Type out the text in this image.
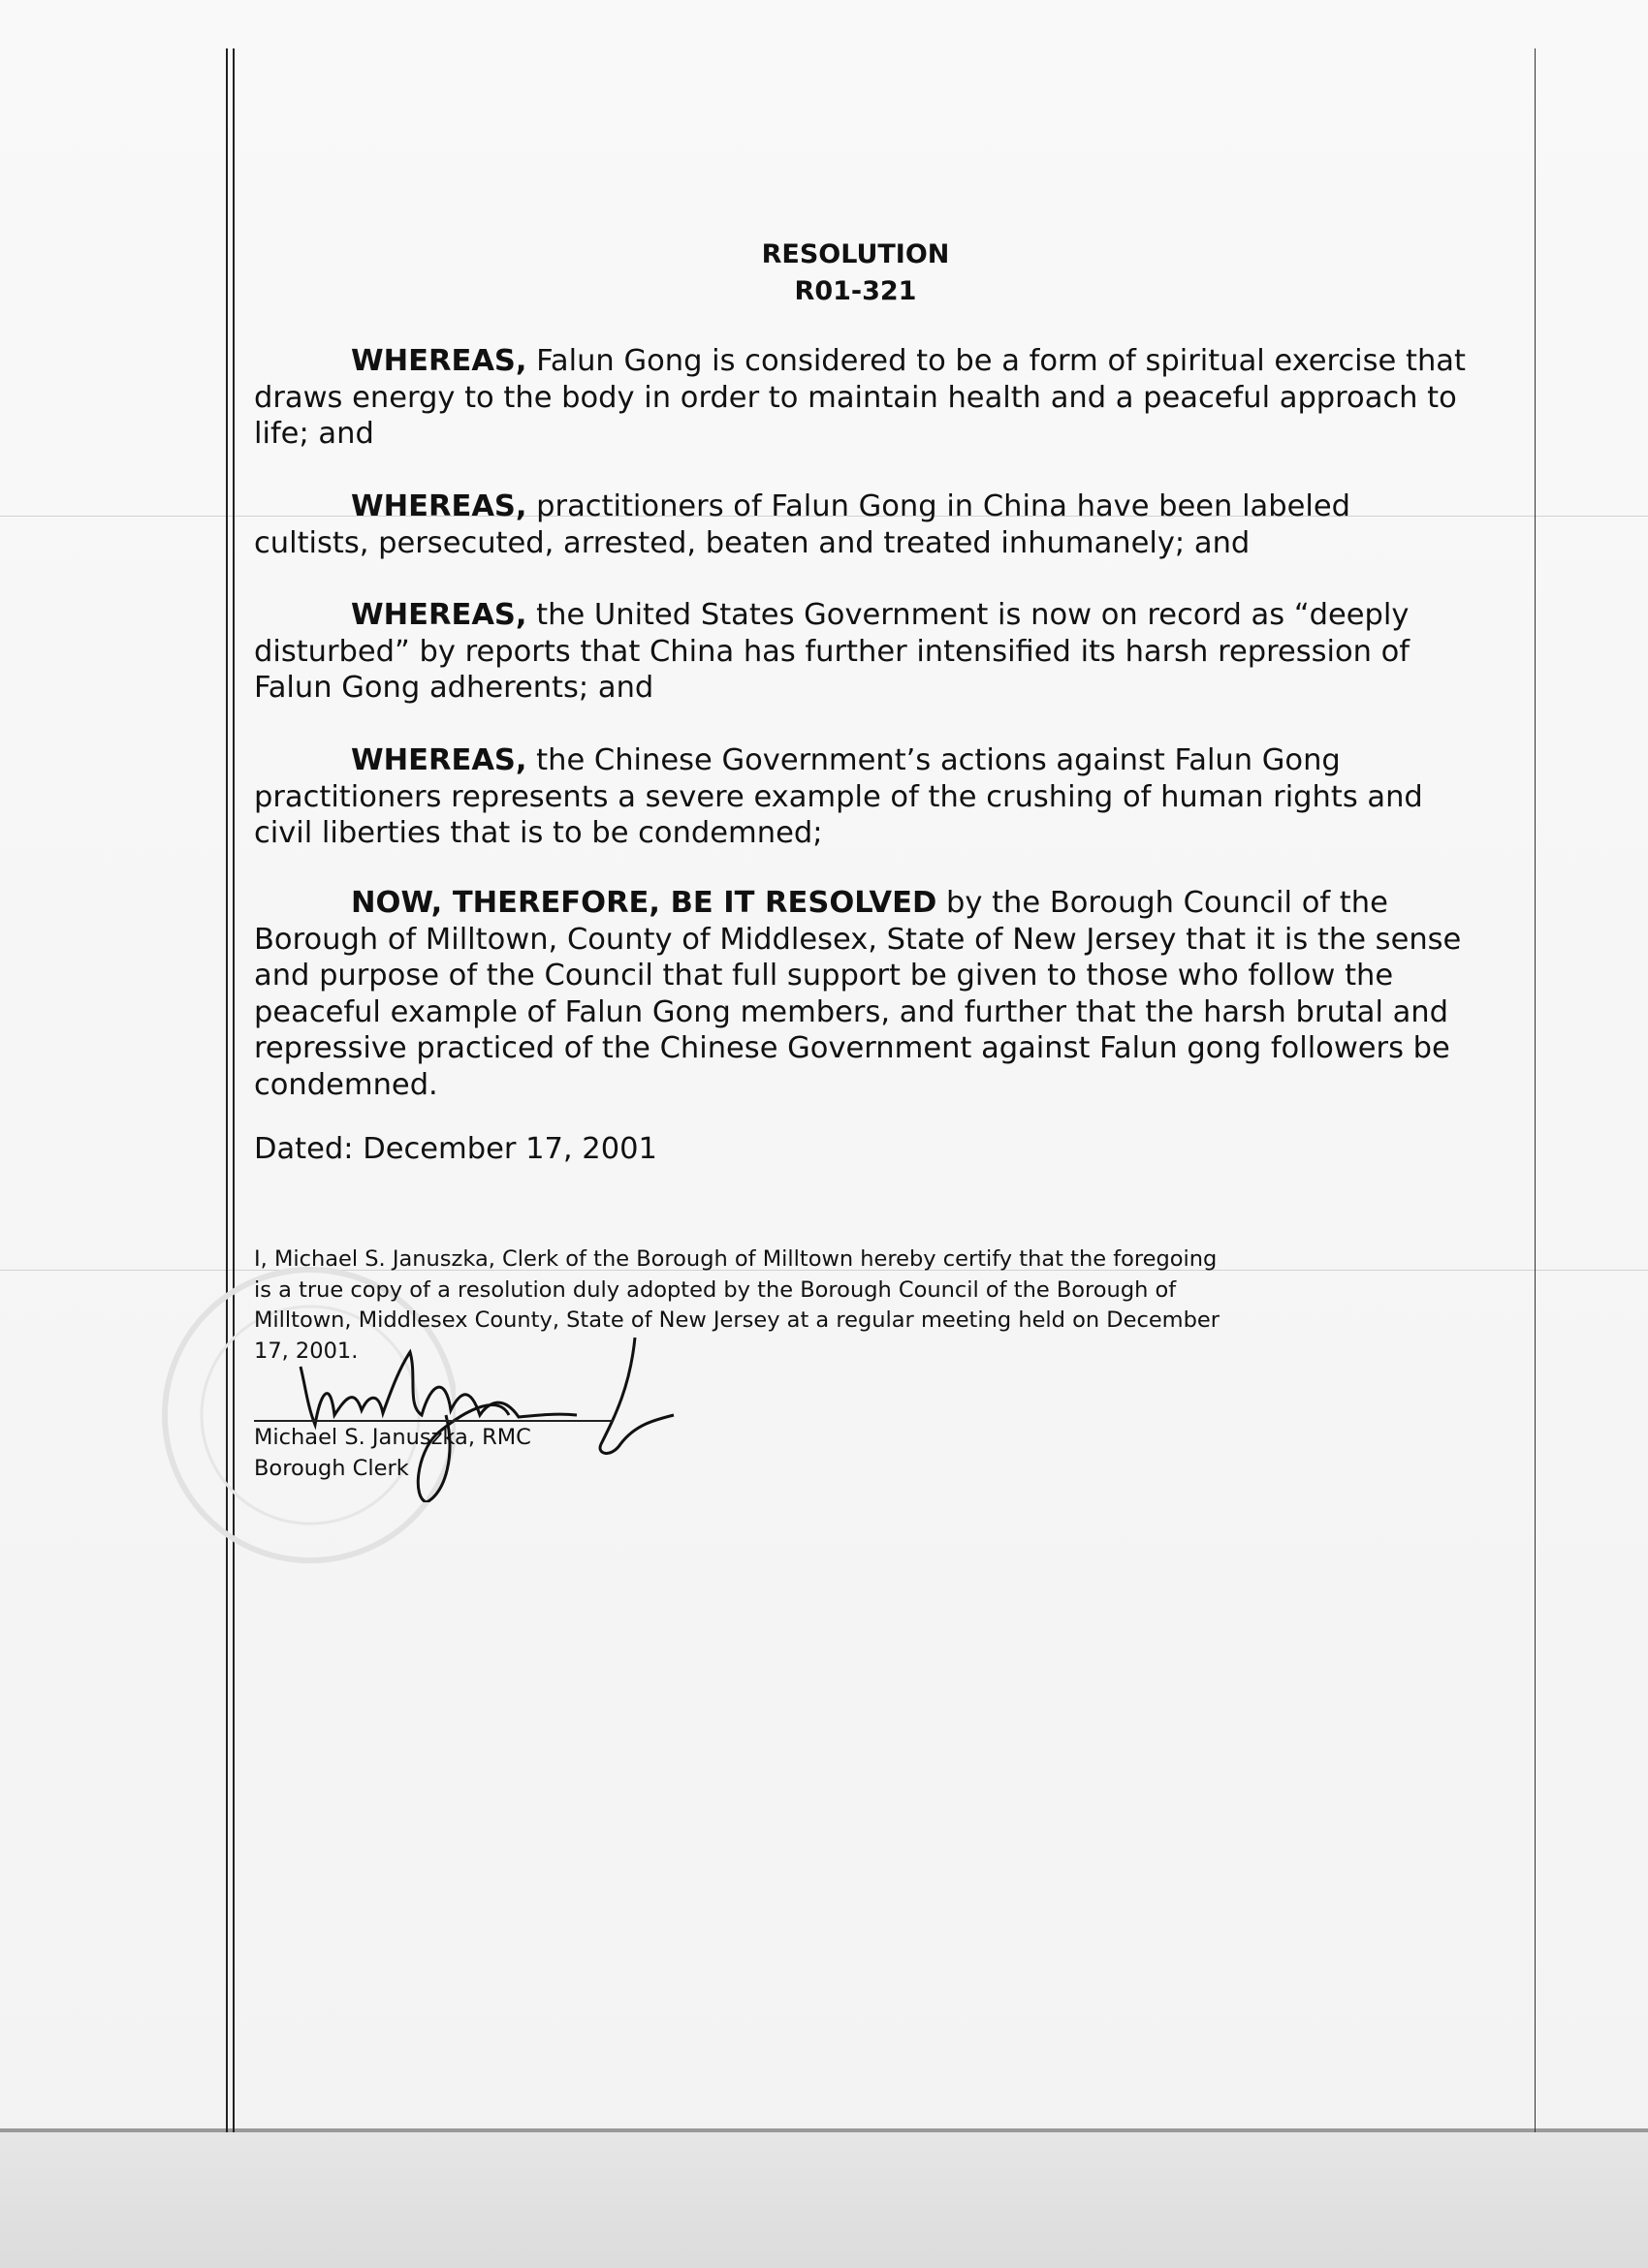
RESOLUTION
R01-321
WHEREAS, Falun Gong is considered to be a form of spiritual exercise that draws energy to the body in order to maintain health and a peaceful approach to life; and
WHEREAS, practitioners of Falun Gong in China have been labeled cultists, persecuted, arrested, beaten and treated inhumanely; and
WHEREAS, the United States Government is now on record as “deeply disturbed” by reports that China has further intensified its harsh repression of Falun Gong adherents; and
WHEREAS, the Chinese Government’s actions against Falun Gong practitioners represents a severe example of the crushing of human rights and civil liberties that is to be condemned;
NOW, THEREFORE, BE IT RESOLVED by the Borough Council of the Borough of Milltown, County of Middlesex, State of New Jersey that it is the sense and purpose of the Council that full support be given to those who follow the peaceful example of Falun Gong members, and further that the harsh brutal and repressive practiced of the Chinese Government against Falun gong followers be condemned.
Dated: December 17, 2001
I, Michael S. Januszka, Clerk of the Borough of Milltown hereby certify that the foregoing is a true copy of a resolution duly adopted by the Borough Council of the Borough of Milltown, Middlesex County, State of New Jersey at a regular meeting held on December 17, 2001.
Michael S. Januszka, RMC
Borough Clerk
